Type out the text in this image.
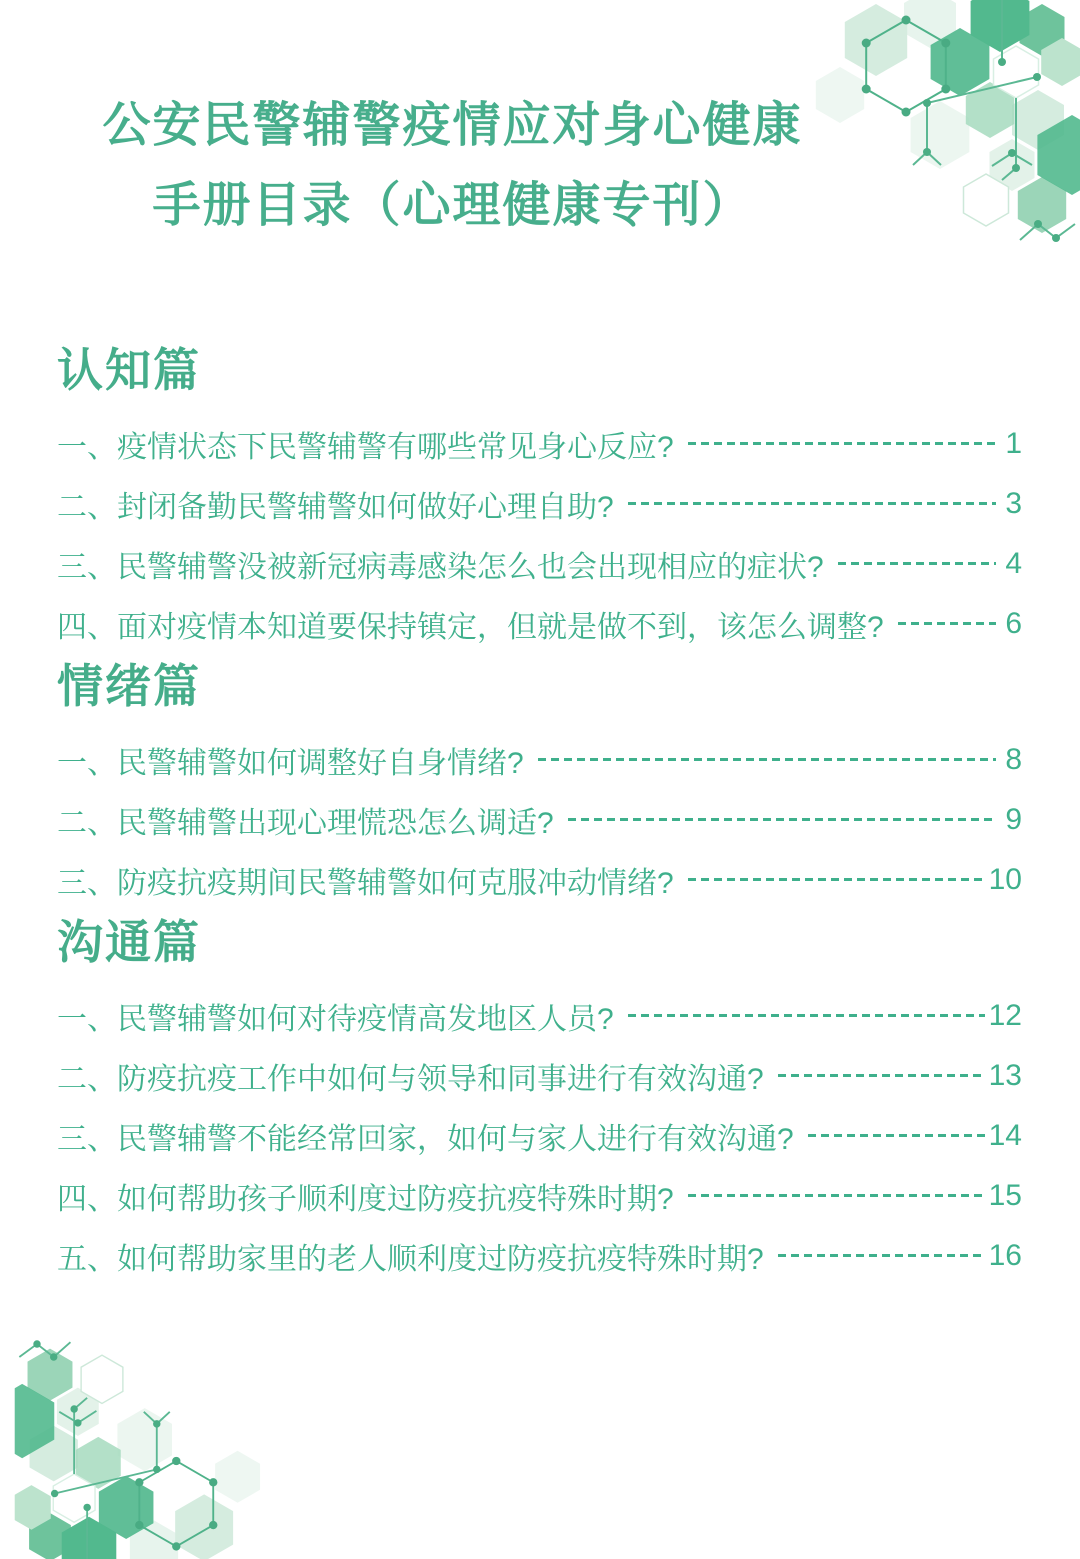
公安民警辅警疫情应对身心健康
手册目录（心理健康专刊）
认知篇
一、疫情状态下民警辅警有哪些常见身心反应?	1
二、封闭备勤民警辅警如何做好心理自助?	3
三、民警辅警没被新冠病毒感染怎么也会出现相应的症状?	4
四、面对疫情本知道要保持镇定，但就是做不到，该怎么调整?	6
情绪篇
一、民警辅警如何调整好自身情绪?	8
二、民警辅警出现心理慌恐怎么调适?	9
三、防疫抗疫期间民警辅警如何克服冲动情绪?	10
沟通篇
一、民警辅警如何对待疫情高发地区人员?	12
二、防疫抗疫工作中如何与领导和同事进行有效沟通?	13
三、民警辅警不能经常回家，如何与家人进行有效沟通?	14
四、如何帮助孩子顺利度过防疫抗疫特殊时期?	15
五、如何帮助家里的老人顺利度过防疫抗疫特殊时期?	16
